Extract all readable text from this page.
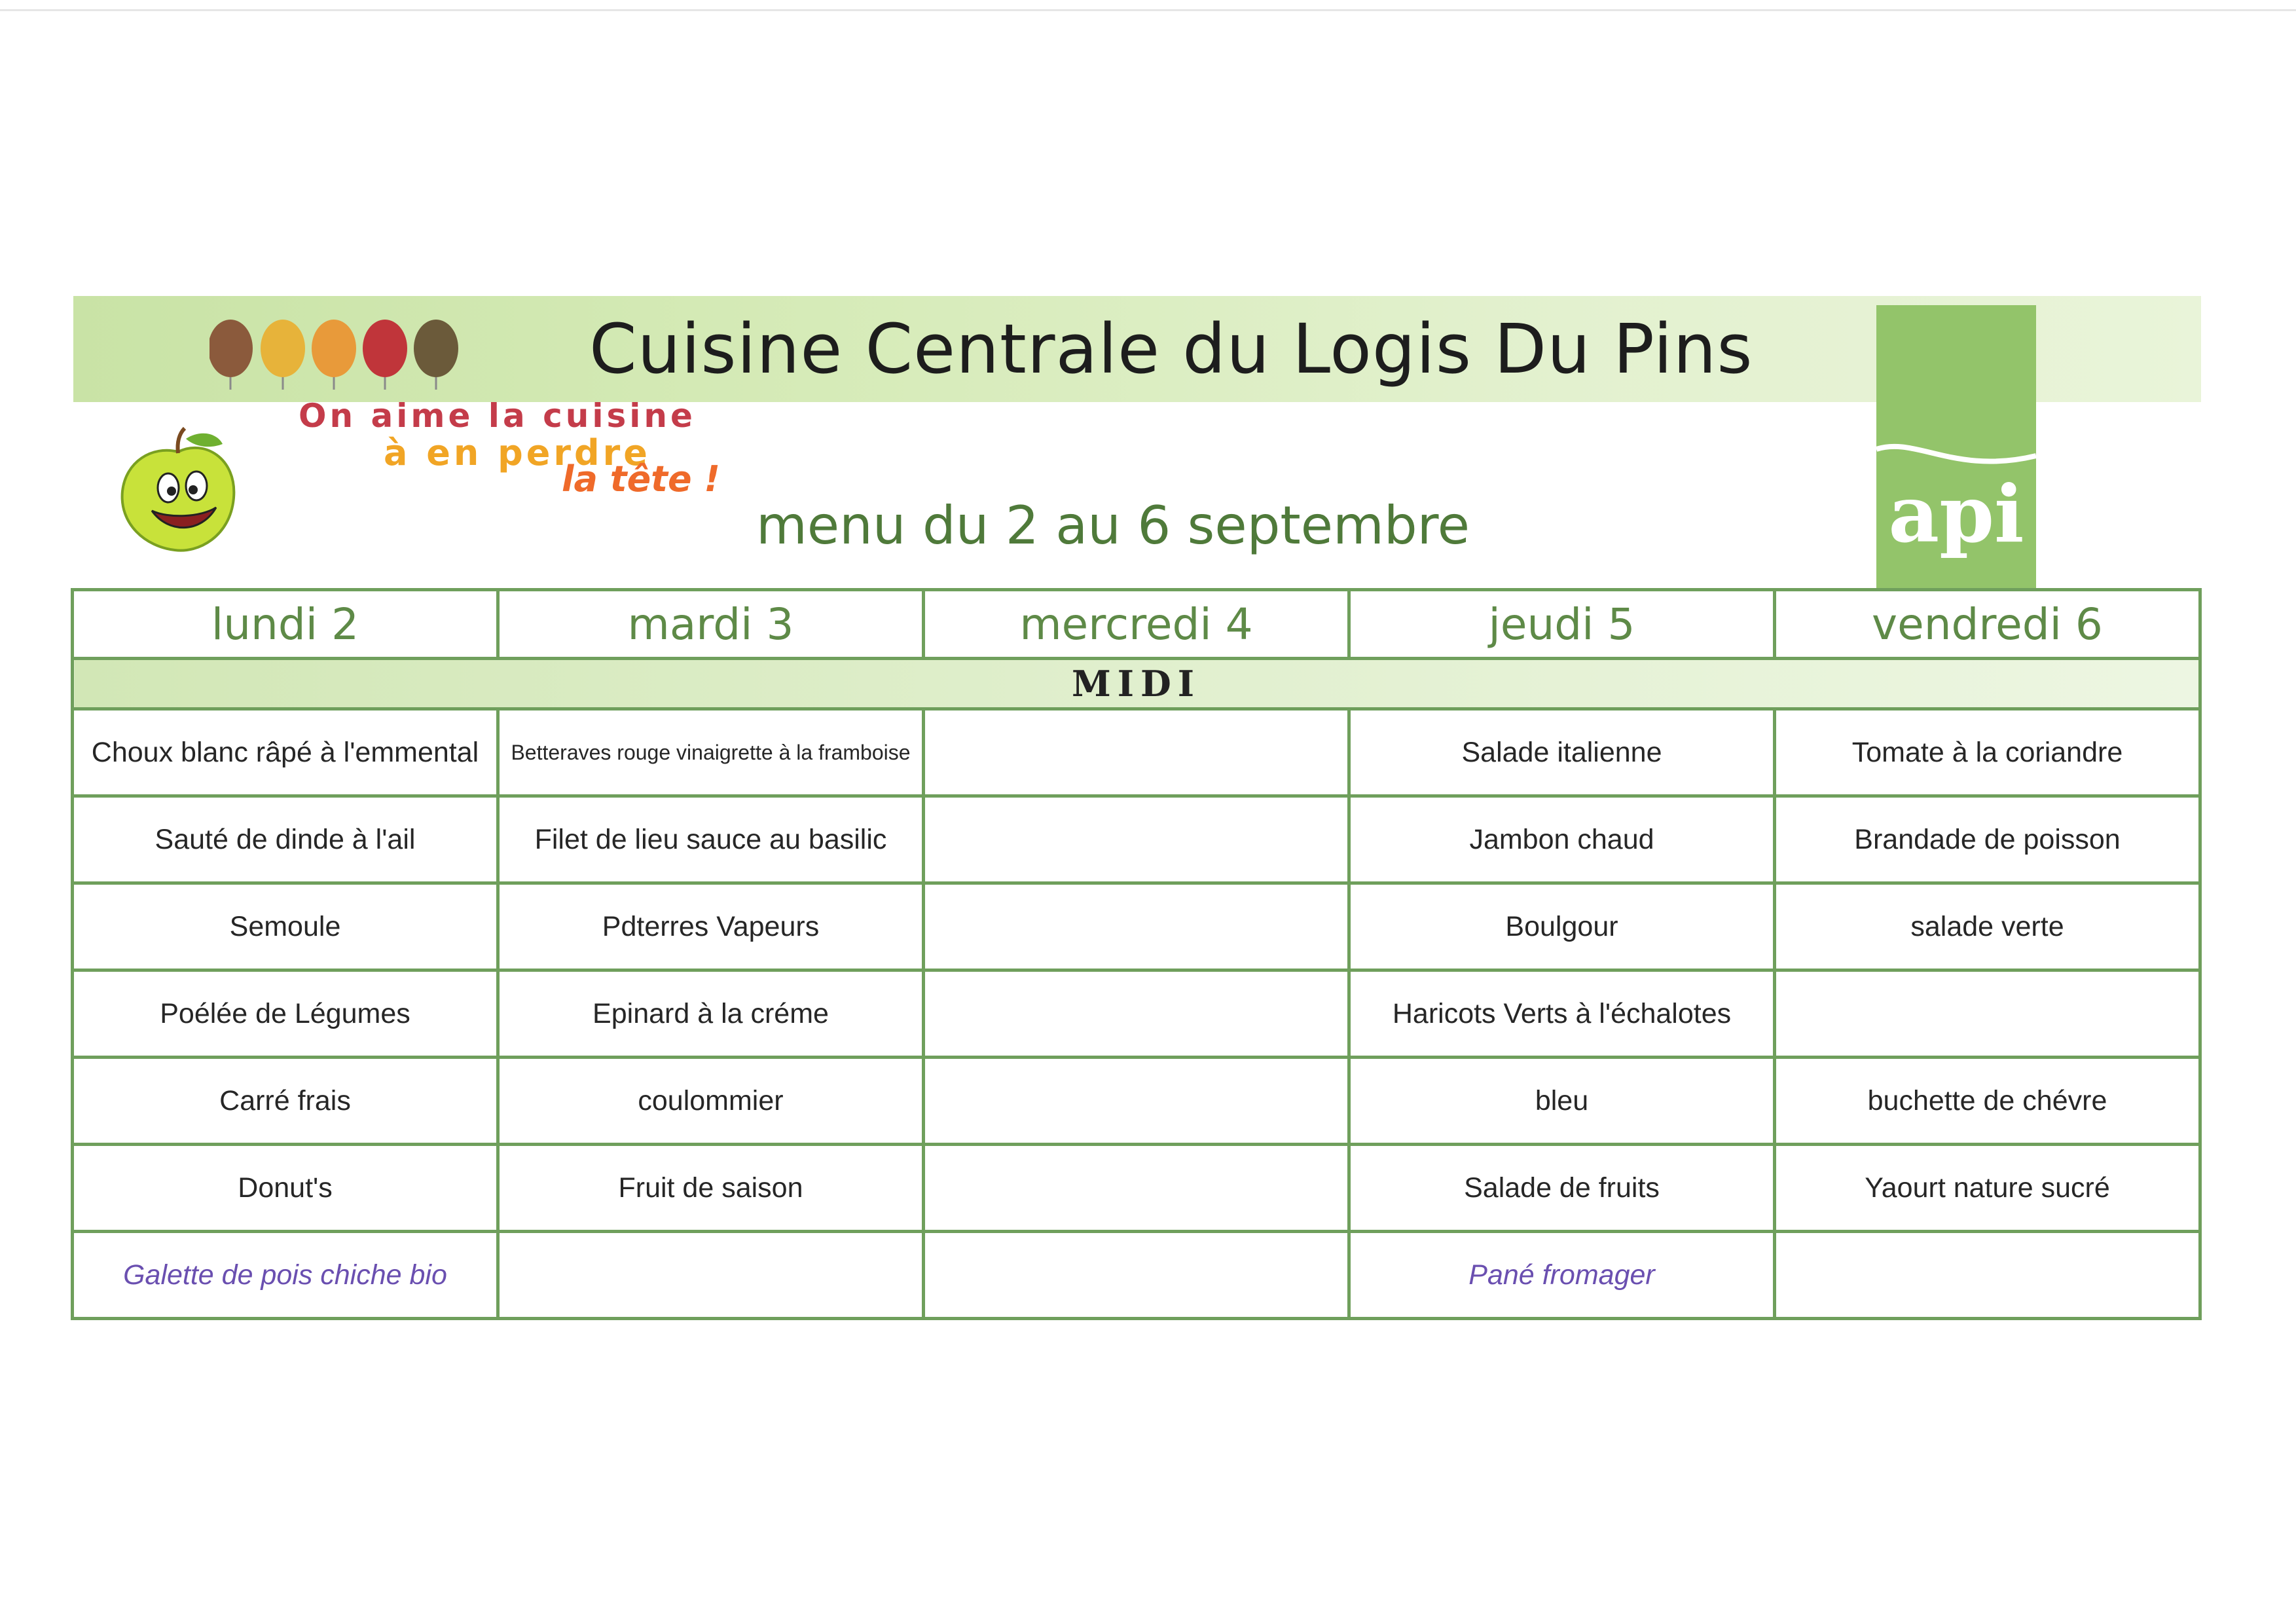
Cuisine Centrale du Logis Du Pins
On aime la cuisine
à en perdre
la tête !
menu du 2 au 6 septembre	api
lundi 2	mardi 3	mercredi 4	jeudi 5	vendredi 6
MIDI				
Choux blanc râpé à l'emmental	Betteraves rouge vinaigrette à la framboise		Salade italienne	Tomate à la coriandre
Sauté de dinde à l'ail	Filet de lieu sauce au basilic		Jambon chaud	Brandade de poisson
Semoule	Pdterres Vapeurs		Boulgour	salade verte
Poélée de Légumes	Epinard à la créme		Haricots Verts à l'échalotes	
Carré frais	coulommier		bleu	buchette de chévre
Donut's	Fruit de saison		Salade de fruits	Yaourt nature sucré
Galette de pois chiche bio			Pané fromager	
